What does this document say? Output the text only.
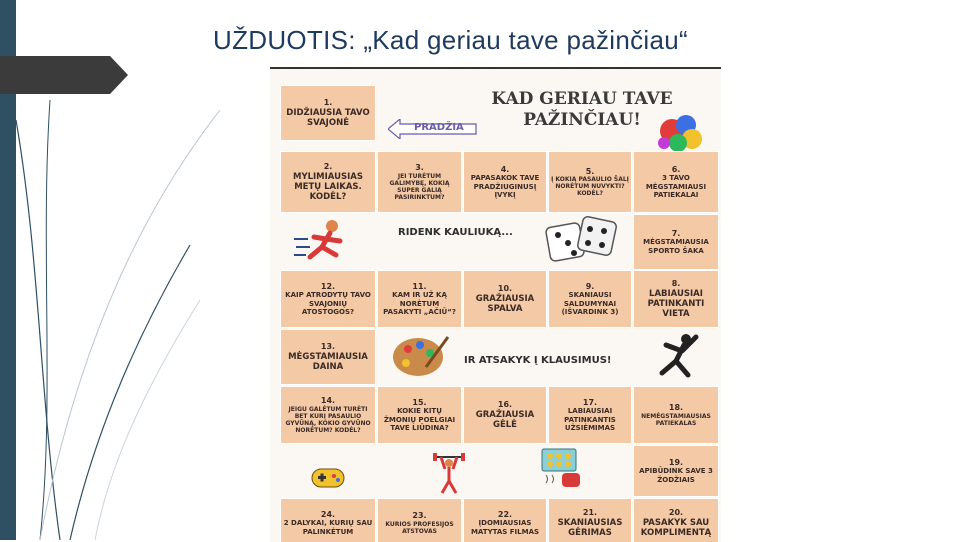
UŽDUOTIS: „Kad geriau tave pažinčiau“
KAD GERIAU TAVE
PAŽINČIAU!
PRADŽIA
1.
DIDŽIAUSIA TAVO SVAJONĖ
2.
MYLIMIAUSIAS METŲ LAIKAS. KODĖL?
3.
JEI TURĖTUM GALIMYBĘ, KOKIĄ SUPER GALIĄ PASIRINKTUM?
4.
PAPASAKOK TAVE PRADŽIUGINUSĮ ĮVYKĮ
5.
Į KOKIĄ PASAULIO ŠALĮ NORĖTUM NUVYKTI? KODĖL?
6.
3 TAVO MĖGSTAMIAUSI PATIEKALAI
RIDENK KAULIUKĄ...	7.
MĖGSTAMIAUSIA SPORTO ŠAKA
12.
KAIP ATRODYTŲ TAVO SVAJONIŲ ATOSTOGOS?
11.
KAM IR UŽ KĄ NORĖTUM PASAKYTI „AČIŪ“?
10.
GRAŽIAUSIA SPALVA
9.
SKANIAUSI SALDUMYNAI (IŠVARDINK 3)
8.
LABIAUSIAI PATINKANTI VIETA
13.
MĖGSTAMIAUSIA DAINA
IR ATSAKYK Į KLAUSIMUS!
14.
JEIGU GALĖTUM TURĖTI BET KURĮ PASAULIO GYVŪNĄ, KOKIO GYVŪNO NORĖTUM? KODĖL?
15.
KOKIE KITŲ ŽMONIŲ POELGIAI TAVE LIŪDINA?
16.
GRAŽIAUSIA GĖLĖ
17.
LABIAUSIAI PATINKANTIS UŽSIĖMIMAS
18.
NEMĖGSTAMIAUSIAS PATIEKALAS
19.
APIBŪDINK SAVE 3 ŽODŽIAIS
24.
2 DALYKAI, KURIŲ SAU PALINKĖTUM
23.
KURIOS PROFESIJOS ATSTOVAS
22.
ĮDOMIAUSIAS MATYTAS FILMAS
21.
SKANIAUSIAS GĖRIMAS
20.
PASAKYK SAU KOMPLIMENTĄ
